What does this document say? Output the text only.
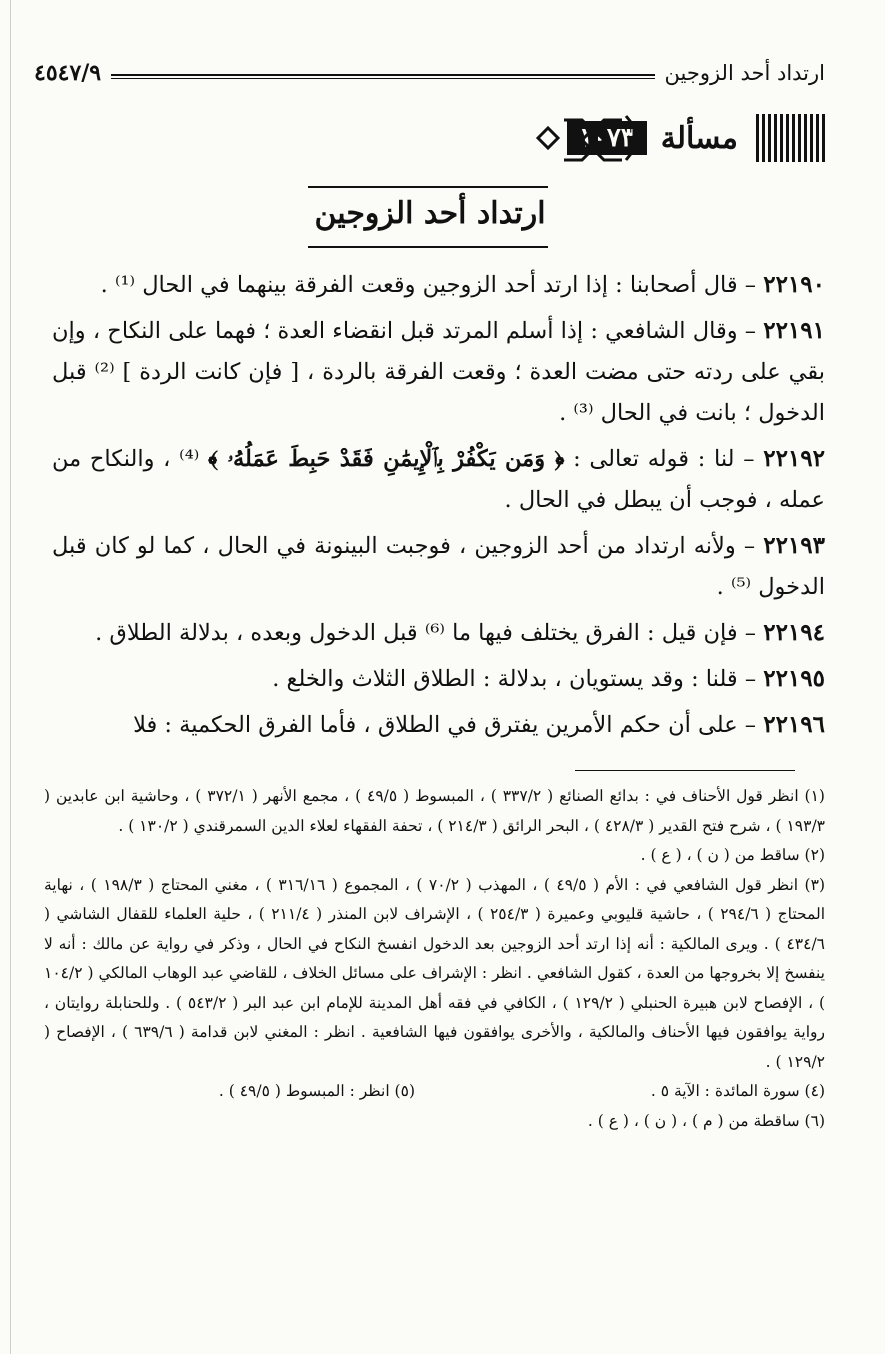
ارتداد أحد الزوجين
٤٥٤٧/٩
مسألة
١٠٧٣
ارتداد أحد الزوجين

٢٢١٩٠ – قال أصحابنا : إذا ارتد أحد الزوجين وقعت الفرقة بينهما في الحال ⁽¹⁾ .

٢٢١٩١ – وقال الشافعي : إذا أسلم المرتد قبل انقضاء العدة ؛ فهما على النكاح ، وإن بقي على ردته حتى مضت العدة ؛ وقعت الفرقة بالردة ، [ فإن كانت الردة ] ⁽²⁾ قبل الدخول ؛ بانت في الحال ⁽³⁾ .

٢٢١٩٢ – لنا : قوله تعالى : ﴿ وَمَن يَكْفُرْ بِٱلْإِيمَٰنِ فَقَدْ حَبِطَ عَمَلُهُۥ ﴾ ⁽⁴⁾ ، والنكاح من عمله ، فوجب أن يبطل في الحال .

٢٢١٩٣ – ولأنه ارتداد من أحد الزوجين ، فوجبت البينونة في الحال ، كما لو كان قبل الدخول ⁽⁵⁾ .

٢٢١٩٤ – فإن قيل : الفرق يختلف فيها ما ⁽⁶⁾ قبل الدخول وبعده ، بدلالة الطلاق .

٢٢١٩٥ – قلنا : وقد يستويان ، بدلالة : الطلاق الثلاث والخلع .

٢٢١٩٦ – على أن حكم الأمرين يفترق في الطلاق ، فأما الفرق الحكمية : فلا

(١) انظر قول الأحناف في : بدائع الصنائع ( ٣٣٧/٢ ) ، المبسوط ( ٤٩/٥ ) ، مجمع الأنهر ( ٣٧٢/١ ) ، وحاشية ابن عابدين ( ١٩٣/٣ ) ، شرح فتح القدير ( ٤٢٨/٣ ) ، البحر الرائق ( ٢١٤/٣ ) ، تحفة الفقهاء لعلاء الدين السمرقندي ( ١٣٠/٢ ) .

(٢) ساقط من ( ن ) ، ( ع ) .

(٣) انظر قول الشافعي في : الأم ( ٤٩/٥ ) ، المهذب ( ٧٠/٢ ) ، المجموع ( ٣١٦/١٦ ) ، مغني المحتاج ( ١٩٨/٣ ) ، نهاية المحتاج ( ٢٩٤/٦ ) ، حاشية قليوبي وعميرة ( ٢٥٤/٣ ) ، الإشراف لابن المنذر ( ٢١١/٤ ) ، حلية العلماء للقفال الشاشي ( ٤٣٤/٦ ) . ويرى المالكية : أنه إذا ارتد أحد الزوجين بعد الدخول انفسخ النكاح في الحال ، وذكر في رواية عن مالك : أنه لا ينفسخ إلا بخروجها من العدة ، كقول الشافعي . انظر : الإشراف على مسائل الخلاف ، للقاضي عبد الوهاب المالكي ( ١٠٤/٢ ) ، الإفصاح لابن هبيرة الحنبلي ( ١٢٩/٢ ) ، الكافي في فقه أهل المدينة للإمام ابن عبد البر ( ٥٤٣/٢ ) . وللحنابلة روايتان ، رواية يوافقون فيها الأحناف والمالكية ، والأخرى يوافقون فيها الشافعية . انظر : المغني لابن قدامة ( ٦٣٩/٦ ) ، الإفصاح ( ١٢٩/٢ ) .

(٤) سورة المائدة : الآية ٥ .
(٥) انظر : المبسوط ( ٤٩/٥ ) .

(٦) ساقطة من ( م ) ، ( ن ) ، ( ع ) .
